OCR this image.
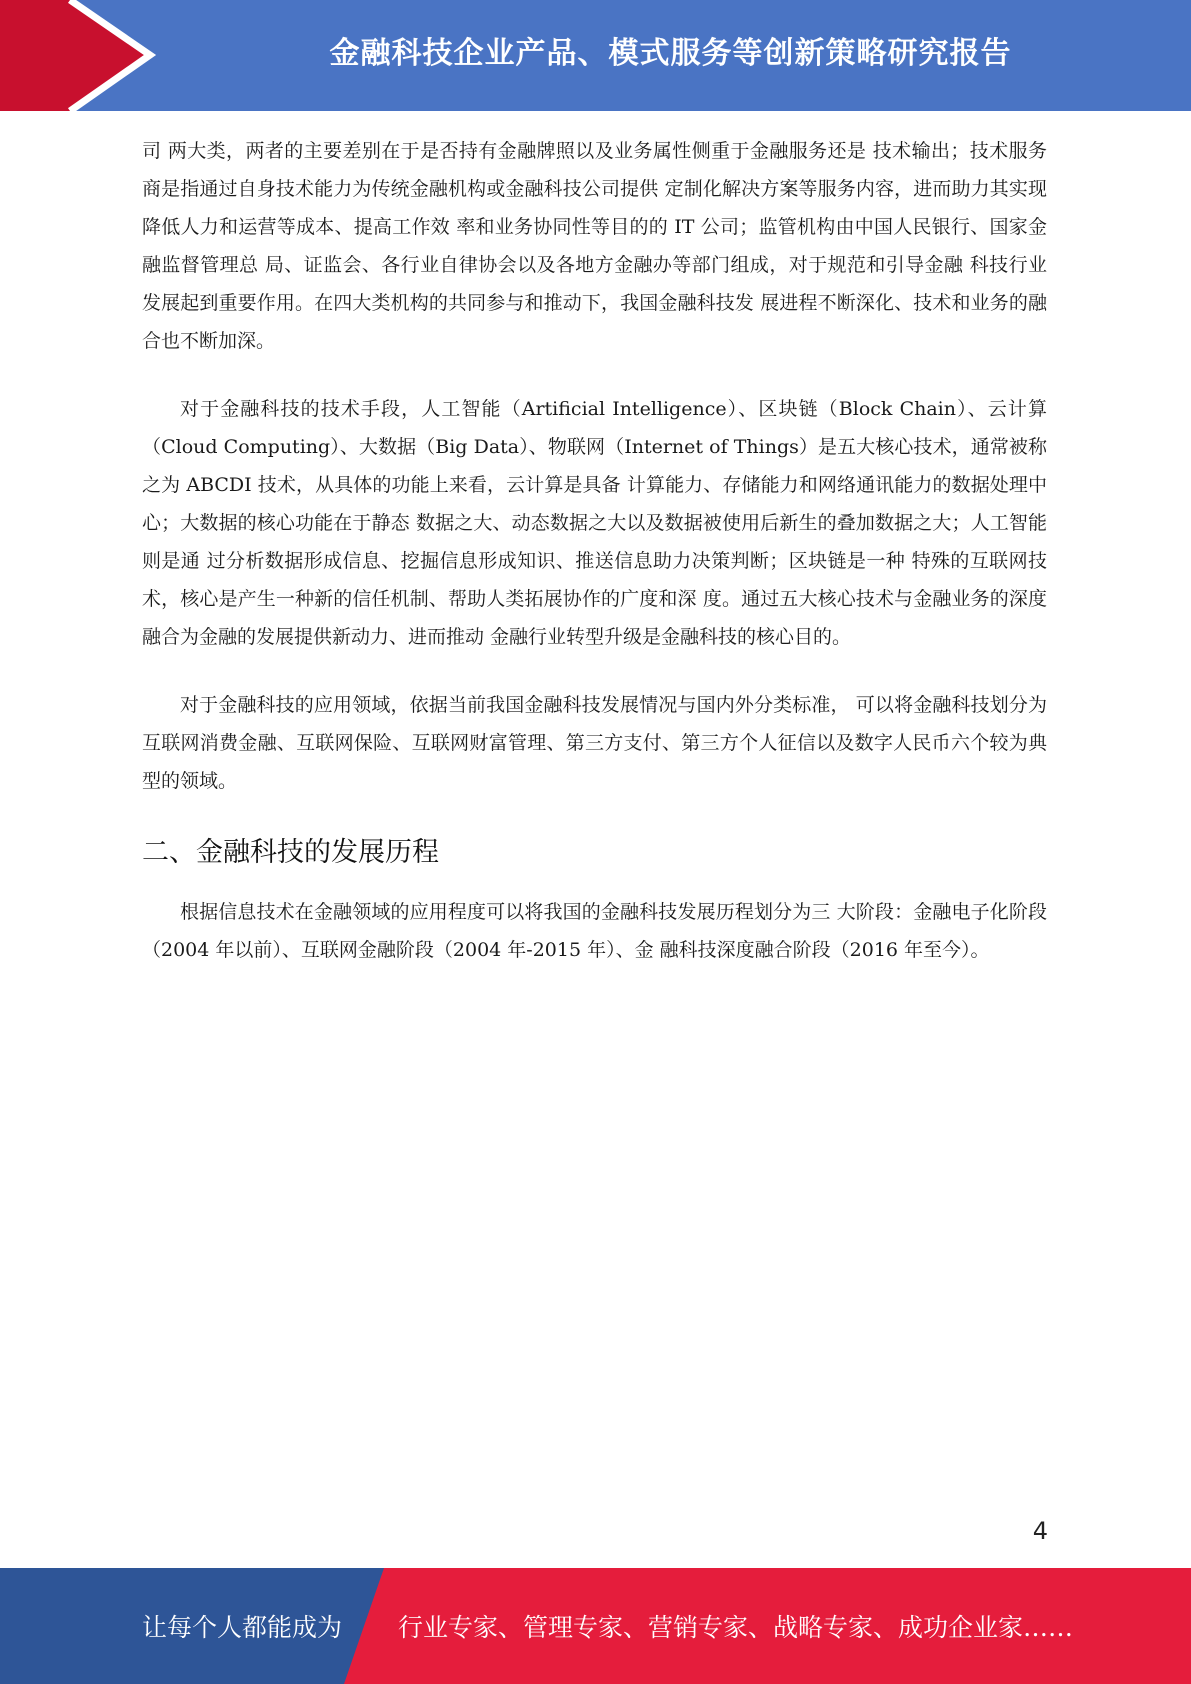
金融科技企业产品、模式服务等创新策略研究报告

司 两大类，两者的主要差别在于是否持有金融牌照以及业务属性侧重于金融服务还是 技术输出；技术服务商是指通过自身技术能力为传统金融机构或金融科技公司提供 定制化解决方案等服务内容，进而助力其实现降低人力和运营等成本、提高工作效 率和业务协同性等目的的 IT 公司；监管机构由中国人民银行、国家金融监督管理总 局、证监会、各行业自律协会以及各地方金融办等部门组成，对于规范和引导金融 科技行业发展起到重要作用。在四大类机构的共同参与和推动下，我国金融科技发 展进程不断深化、技术和业务的融合也不断加深。

对于金融科技的技术手段，人工智能（Artificial Intelligence）、区块链（Block Chain）、云计算（Cloud Computing）、大数据（Big Data）、物联网（Internet of Things）是五大核心技术，通常被称之为 ABCDI 技术，从具体的功能上来看，云计算是具备 计算能力、存储能力和网络通讯能力的数据处理中心；大数据的核心功能在于静态 数据之大、动态数据之大以及数据被使用后新生的叠加数据之大；人工智能则是通 过分析数据形成信息、挖掘信息形成知识、推送信息助力决策判断；区块链是一种 特殊的互联网技术，核心是产生一种新的信任机制、帮助人类拓展协作的广度和深 度。通过五大核心技术与金融业务的深度融合为金融的发展提供新动力、进而推动 金融行业转型升级是金融科技的核心目的。

对于金融科技的应用领域，依据当前我国金融科技发展情况与国内外分类标准， 可以将金融科技划分为互联网消费金融、互联网保险、互联网财富管理、第三方支付、第三方个人征信以及数字人民币六个较为典型的领域。

二、金融科技的发展历程

根据信息技术在金融领域的应用程度可以将我国的金融科技发展历程划分为三 大阶段：金融电子化阶段（2004 年以前）、互联网金融阶段（2004 年-2015 年）、金 融科技深度融合阶段（2016 年至今）。

4
让每个人都能成为 行业专家、管理专家、营销专家、战略专家、成功企业家……
